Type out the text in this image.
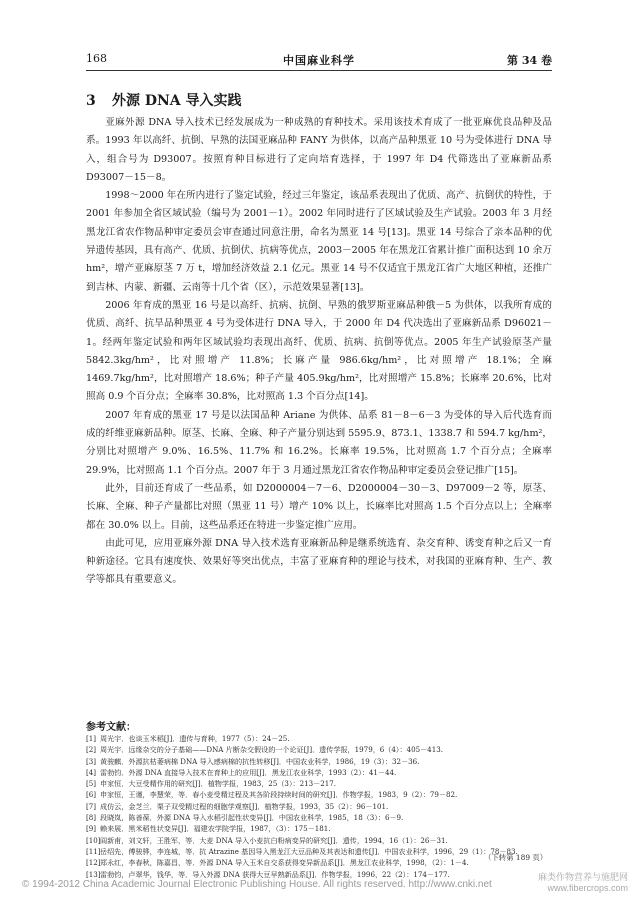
168	中国麻业科学	第 34 卷
3 外源 DNA 导入实践

亚麻外源 DNA 导入技术已经发展成为一种成熟的育种技术。采用该技术育成了一批亚麻优良品种及品系。1993 年以高纤、抗倒、早熟的法国亚麻品种 FANY 为供体，以高产品种黑亚 10 号为受体进行 DNA 导入，组合号为 D93007。按照育种目标进行了定向培育选择，于 1997 年 D4 代筛选出了亚麻新品系 D93007－15－8。

1998～2000 年在所内进行了鉴定试验，经过三年鉴定，该品系表现出了优质、高产、抗倒伏的特性，于 2001 年参加全省区域试验（编号为 2001－1）。2002 年同时进行了区域试验及生产试验。2003 年 3 月经黑龙江省农作物品种审定委员会审查通过同意注册，命名为黑亚 14 号[13]。黑亚 14 号综合了亲本品种的优异遗传基因，具有高产、优质、抗倒伏、抗病等优点，2003－2005 年在黑龙江省累计推广面积达到 10 余万 hm²，增产亚麻原茎 7 万 t，增加经济效益 2.1 亿元。黑亚 14 号不仅适宜于黑龙江省广大地区种植，还推广到吉林、内蒙、新疆、云南等十几个省（区），示范效果显著[13]。

2006 年育成的黑亚 16 号是以高纤、抗病、抗倒、早熟的俄罗斯亚麻品种俄－5 为供体，以我所育成的优质、高纤、抗旱品种黑亚 4 号为受体进行 DNA 导入，于 2000 年 D4 代决选出了亚麻新品系 D96021－1。经两年鉴定试验和两年区域试验均表现出高纤、优质、抗病、抗倒等优点。2005 年生产试验原茎产量 5842.3kg/hm²，比对照增产 11.8%；长麻产量 986.6kg/hm²，比对照增产 18.1%；全麻 1469.7kg/hm²，比对照增产 18.6%；种子产量 405.9kg/hm²，比对照增产 15.8%；长麻率 20.6%，比对照高 0.9 个百分点；全麻率 30.8%，比对照高 1.3 个百分点[14]。

2007 年育成的黑亚 17 号是以法国品种 Ariane 为供体、品系 81－8－6－3 为受体的导入后代选育而成的纤维亚麻新品种。原茎、长麻、全麻、种子产量分别达到 5595.9、873.1、1338.7 和 594.7 kg/hm²，分别比对照增产 9.0%、16.5%、11.7% 和 16.2%。长麻率 19.5%，比对照高 1.7 个百分点；全麻率 29.9%，比对照高 1.1 个百分点。2007 年于 3 月通过黑龙江省农作物品种审定委员会登记推广[15]。

此外，目前还育成了一些品系，如 D2000004－7－6、D2000004－30－3、D97009－2 等，原茎、长麻、全麻、种子产量都比对照（黑亚 11 号）增产 10% 以上，长麻率比对照高 1.5 个百分点以上；全麻率都在 30.0% 以上。目前，这些品系还在特进一步鉴定推广应用。

由此可见，应用亚麻外源 DNA 导入技术选育亚麻新品种是继系统选育、杂交育种、诱变育种之后又一育种新途径。它具有速度快、效果好等突出优点，丰富了亚麻育种的理论与技术，对我国的亚麻育种、生产、教学等都具有重要意义。

参考文献：
[1] 周光宇．也谈玉米稻[J]．遗传与育种，1977（5）：24－25.
[2] 周光宇．远缘杂交的分子基础——DNA 片断杂交假设的一个论证[J]．遗传学报，1979，6（4）：405－413.
[3] 黄骏麒．外源抗枯萎病棉 DNA 导入感病棉的抗性转移[J]．中国农业科学，1986，19（3）：32－36.
[4] 雷勃钧．外源 DNA 直接导入技术在育种上的应用[J]．黑龙江农业科学，1993（2）：41－44.
[5] 申家恒．大豆受精作用的研究[J]．植物学报，1983，25（3）：213－217.
[6] 申家恒，王谨，李慧荣，等．春小麦受精过程及其各阶段持续时间的研究[J]．作物学报，1983，9（2）：79－82.
[7] 成仿云，金芝兰．栗子双受精过程的细胞学观察[J]．植物学报，1993，35（2）：96－101.
[8] 段晓岚，陈善葆．外源 DNA 导入水稻引起性状变异[J]．中国农业科学，1985，18（3）：6－9.
[9] 赖来展．黑米稻性状变异[J]．福建农学院学报，1987，（3）：175－181.
[10]阎新甫，刘文轩，王胜军，等．大麦 DNA 导入小麦抗白粉病变异的研究[J]．遗传，1994，16（1）：26－31.
[11]岳绍先，傅骏骅，李连城，等．抗 Atrazine 基因导入黑龙江大豆品种及其表达和遗传[J]．中国农业科学，1996，29（1）：78－83.
[12]郑永红，李春秋，陈嘉昌，等．外源 DNA 导入玉米自交系获得变异新品系[J]．黑龙江农业科学，1998，（2）：1－4.
[13]雷勃钧，卢翠华，钱华，等．导入外源 DNA 获得大豆早熟新品系[J]．作物学报，1996，22（2）：174－177.
（下转第 189 页）
© 1994-2012 China Academic Journal Electronic Publishing House. All rights reserved. http://www.cnki.net
麻类作物营养与施肥网
www.fibercrops.com
